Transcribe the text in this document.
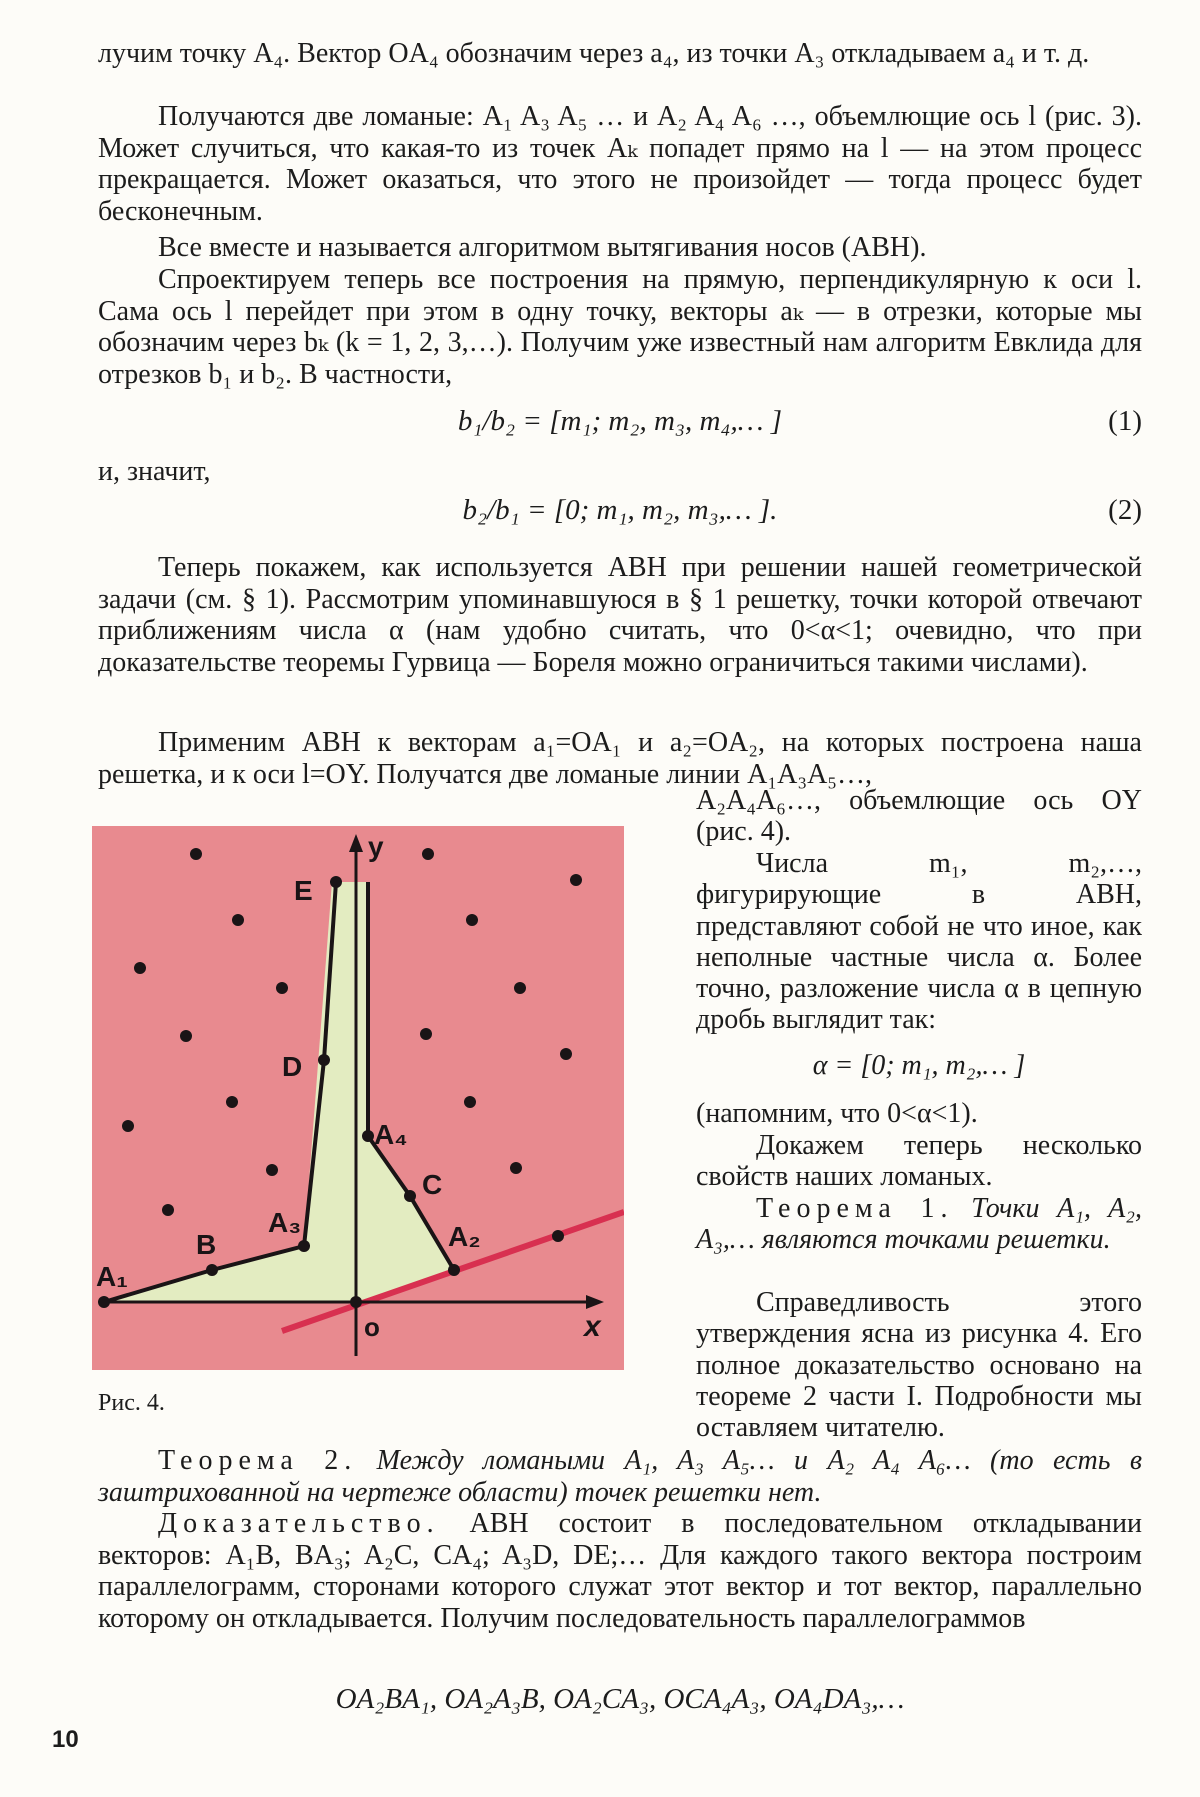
лучим точку A₄. Вектор OA₄ обозначим через a₄, из точки A₃ откладываем a₄ и т. д.

Получаются две ломаные: A₁ A₃ A₅ … и A₂ A₄ A₆ …, объемлющие ось l (рис. 3). Может случиться, что какая-то из точек Aₖ попадет прямо на l — на этом процесс прекращается. Может оказаться, что этого не произойдет — тогда процесс будет бесконечным.

Все вместе и называется алгоритмом вытягивания носов (АВН).

Спроектируем теперь все построения на прямую, перпендикулярную к оси l. Сама ось l перейдет при этом в одну точку, векторы aₖ — в отрезки, которые мы обозначим через bₖ (k = 1, 2, 3,…). Получим уже известный нам алгоритм Евклида для отрезков b₁ и b₂. В частности,

b₁/b₂ = [m₁; m₂, m₃, m₄,… ]	(1)

и, значит,

b₂/b₁ = [0; m₁, m₂, m₃,… ].	(2)

Теперь покажем, как используется АВН при решении нашей геометрической задачи (см. § 1). Рассмотрим упоминавшуюся в § 1 решетку, точки которой отвечают приближениям числа α (нам удобно считать, что 0<α<1; очевидно, что при доказательстве теоремы Гурвица — Бореля можно ограничиться такими числами).

Применим АВН к векторам a₁=OA₁ и a₂=OA₂, на которых построена наша решетка, и к оси l=OY. Получатся две ломаные линии A₁A₃A₅…,

y
x
o
E
D
A₄
C
A₃
B	A₂
A₁
Рис. 4.

A₂A₄A₆…, объемлющие ось OY (рис. 4).

Числа m₁, m₂,…, фигурирующие в АВН, представляют собой не что иное, как неполные частные числа α. Более точно, разложение числа α в цепную дробь выглядит так:

α = [0; m₁, m₂,… ]

(напомним, что 0<α<1).

Докажем теперь несколько свойств наших ломаных.

Теорема 1. Точки A₁, A₂, A₃,… являются точками решетки.

Справедливость этого утверждения ясна из рисунка 4. Его полное доказательство основано на теореме 2 части I. Подробности мы оставляем читателю.

Теорема 2. Между ломаными A₁, A₃ A₅… и A₂ A₄ A₆… (то есть в заштрихованной на чертеже области) точек решетки нет.

Доказательство. АВН состоит в последовательном откладывании векторов: A₁B, BA₃; A₂C, CA₄; A₃D, DE;… Для каждого такого вектора построим параллелограмм, сторонами которого служат этот вектор и тот вектор, параллельно которому он откладывается. Получим последовательность параллелограммов

OA₂BA₁, OA₂A₃B, OA₂CA₃, OCA₄A₃, OA₄DA₃,…
10
